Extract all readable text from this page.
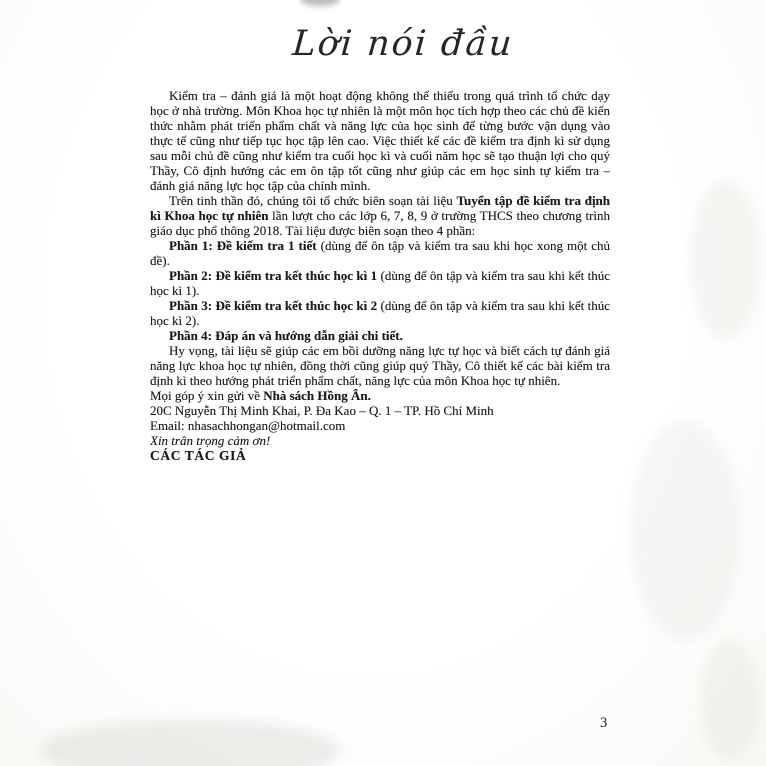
Lời nói đầu

Kiểm tra – đánh giá là một hoạt động không thể thiếu trong quá trình tổ chức dạy học ở nhà trường. Môn Khoa học tự nhiên là một môn học tích hợp theo các chủ đề kiến thức nhằm phát triển phẩm chất và năng lực của học sinh để từng bước vận dụng vào thực tế cũng như tiếp tục học tập lên cao. Việc thiết kế các đề kiểm tra định kì sử dụng sau mỗi chủ đề cũng như kiểm tra cuối học kì và cuối năm học sẽ tạo thuận lợi cho quý Thầy, Cô định hướng các em ôn tập tốt cũng như giúp các em học sinh tự kiểm tra – đánh giá năng lực học tập của chính mình.

Trên tinh thần đó, chúng tôi tổ chức biên soạn tài liệu Tuyển tập đề kiểm tra định kì Khoa học tự nhiên lần lượt cho các lớp 6, 7, 8, 9 ở trường THCS theo chương trình giáo dục phổ thông 2018. Tài liệu được biên soạn theo 4 phần:

Phần 1: Đề kiểm tra 1 tiết (dùng để ôn tập và kiểm tra sau khi học xong một chủ đề).

Phần 2: Đề kiểm tra kết thúc học kì 1 (dùng để ôn tập và kiểm tra sau khi kết thúc học kì 1).

Phần 3: Đề kiểm tra kết thúc học kì 2 (dùng để ôn tập và kiểm tra sau khi kết thúc học kì 2).

Phần 4: Đáp án và hướng dẫn giải chi tiết.

Hy vọng, tài liệu sẽ giúp các em bồi dưỡng năng lực tự học và biết cách tự đánh giá năng lực khoa học tự nhiên, đồng thời cũng giúp quý Thầy, Cô thiết kế các bài kiểm tra định kì theo hướng phát triển phẩm chất, năng lực của môn Khoa học tự nhiên.

Mọi góp ý xin gửi về Nhà sách Hồng Ân.

20C Nguyễn Thị Minh Khai, P. Đa Kao – Q. 1 – TP. Hồ Chí Minh

Email: nhasachhongan@hotmail.com

Xin trân trọng cảm ơn!

CÁC TÁC GIẢ

3
